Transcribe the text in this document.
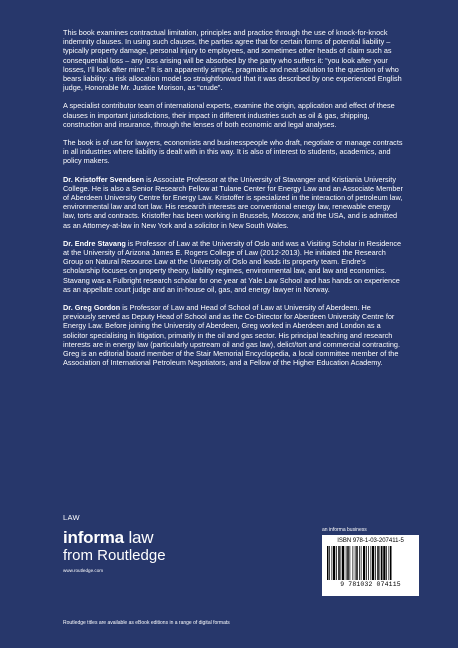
This book examines contractual limitation, principles and practice through the use of knock-for-knock indemnity clauses. In using such clauses, the parties agree that for certain forms of potential liability – typically property damage, personal injury to employees, and sometimes other heads of claim such as consequential loss – any loss arising will be absorbed by the party who suffers it: “you look after your losses, I’ll look after mine.” It is an apparently simple, pragmatic and neat solution to the question of who bears liability: a risk allocation model so straightforward that it was described by one experienced English judge, Honorable Mr. Justice Morison, as “crude”.

A specialist contributor team of international experts, examine the origin, application and effect of these clauses in important jurisdictions, their impact in different industries such as oil & gas, shipping, construction and insurance, through the lenses of both economic and legal analyses.

The book is of use for lawyers, economists and businesspeople who draft, negotiate or manage contracts in all industries where liability is dealt with in this way. It is also of interest to students, academics, and policy makers.

Dr. Kristoffer Svendsen is Associate Professor at the University of Stavanger and Kristiania University College. He is also a Senior Research Fellow at Tulane Center for Energy Law and an Associate Member of Aberdeen University Centre for Energy Law. Kristoffer is specialized in the interaction of petroleum law, environmental law and tort law. His research interests are conventional energy law, renewable energy law, torts and contracts. Kristoffer has been working in Brussels, Moscow, and the USA, and is admitted as an Attorney-at-law in New York and a solicitor in New South Wales.

Dr. Endre Stavang is Professor of Law at the University of Oslo and was a Visiting Scholar in Residence at the University of Arizona James E. Rogers College of Law (2012-2013). He initiated the Research Group on Natural Resource Law at the University of Oslo and leads its property team. Endre’s scholarship focuses on property theory, liability regimes, environmental law, and law and economics. Stavang was a Fulbright research scholar for one year at Yale Law School and has hands on experience as an appellate court judge and an in-house oil, gas, and energy lawyer in Norway.

Dr. Greg Gordon is Professor of Law and Head of School of Law at University of Aberdeen. He previously served as Deputy Head of School and as the Co-Director for Aberdeen University Centre for Energy Law. Before joining the University of Aberdeen, Greg worked in Aberdeen and London as a solicitor specialising in litigation, primarily in the oil and gas sector. His principal teaching and research interests are in energy law (particularly upstream oil and gas law), delict/tort and commercial contracting. Greg is an editorial board member of the Stair Memorial Encyclopedia, a local committee member of the Association of International Petroleum Negotiators, and a Fellow of the Higher Education Academy.

LAW
informa law
from Routledge
www.routledge.com
an informa business
ISBN 978-1-03-207411-5
9 781032 074115
Routledge titles are available as eBook editions in a range of digital formats
